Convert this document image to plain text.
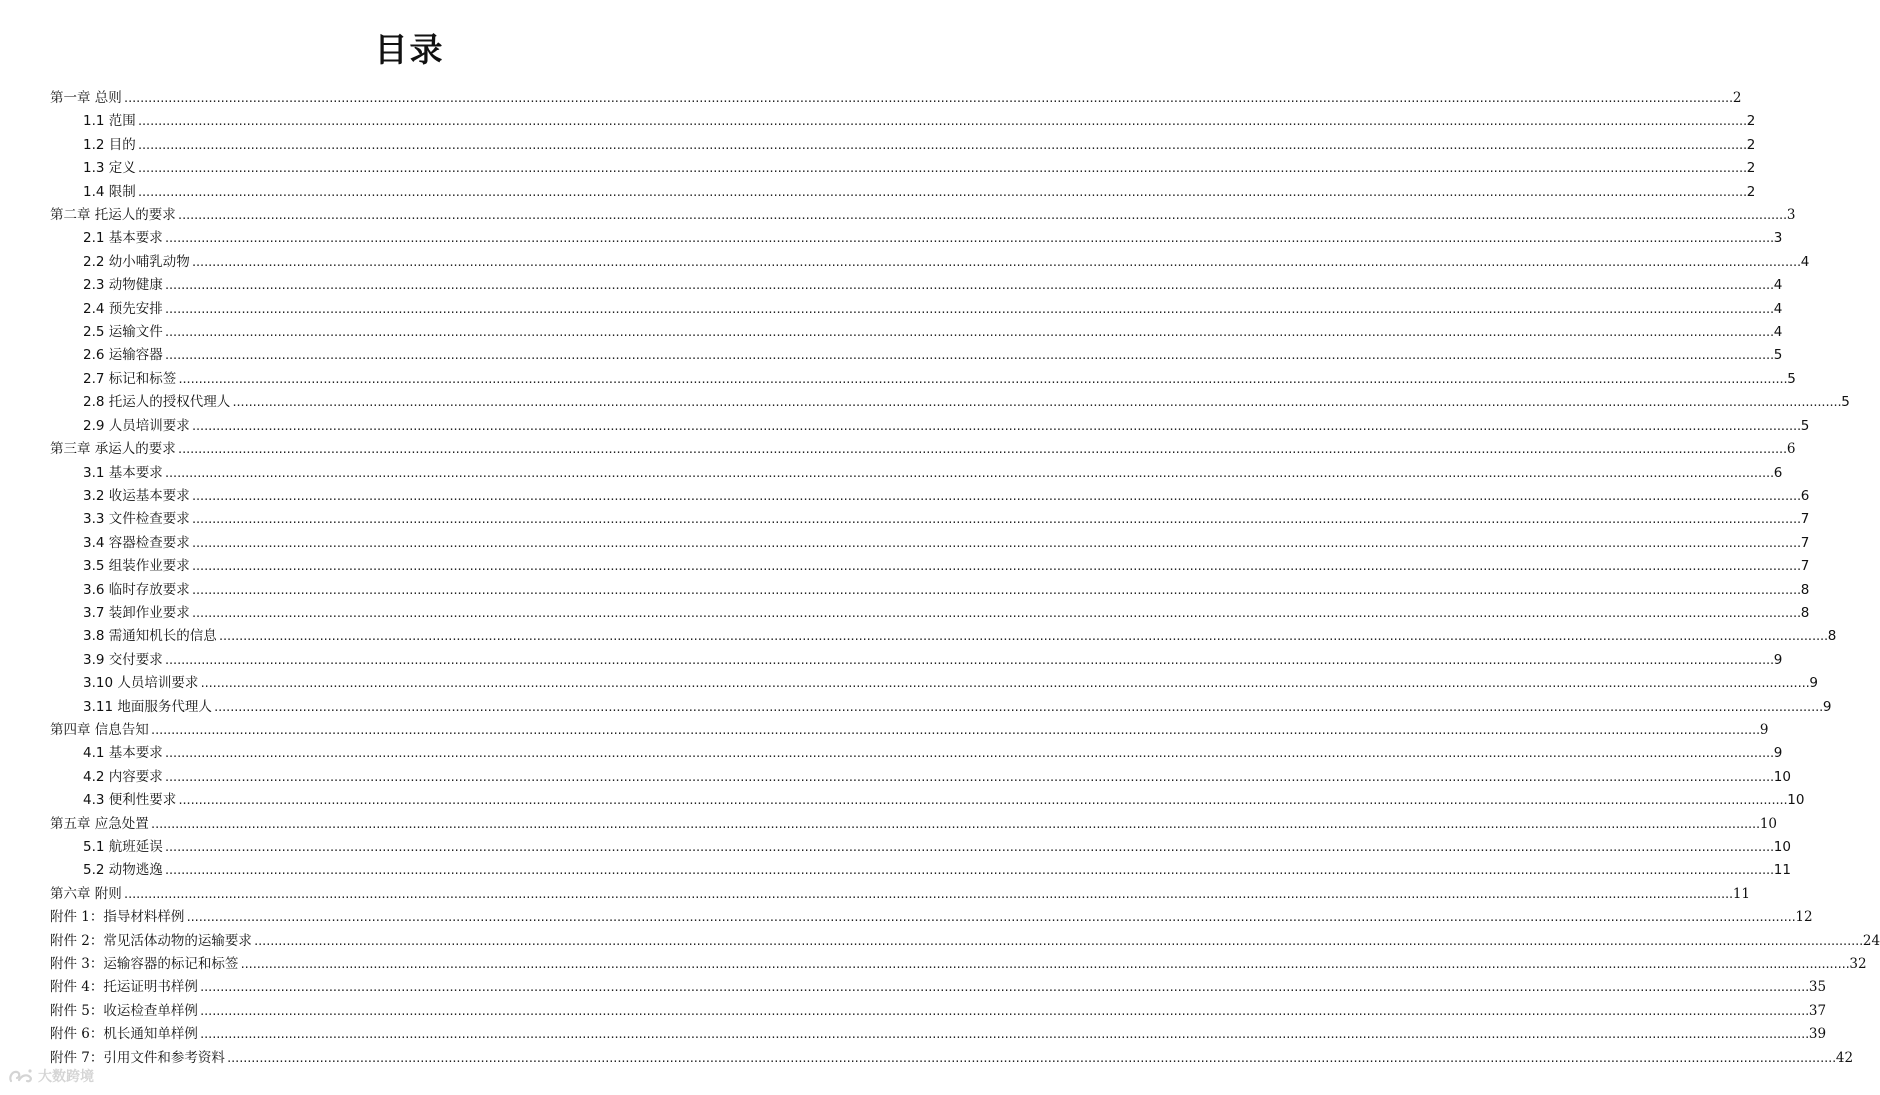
目录
第一章 总则 ................................................................................................................................................................................................................................................................................................................................................................................................................ 2
1.1 范围 ................................................................................................................................................................................................................................................................................................................................................................................................................ 2
1.2 目的 ................................................................................................................................................................................................................................................................................................................................................................................................................ 2
1.3 定义 ................................................................................................................................................................................................................................................................................................................................................................................................................ 2
1.4 限制 ................................................................................................................................................................................................................................................................................................................................................................................................................ 2
第二章 托运人的要求 ................................................................................................................................................................................................................................................................................................................................................................................................................ 3
2.1 基本要求 ................................................................................................................................................................................................................................................................................................................................................................................................................ 3
2.2 幼小哺乳动物 ................................................................................................................................................................................................................................................................................................................................................................................................................ 4
2.3 动物健康 ................................................................................................................................................................................................................................................................................................................................................................................................................ 4
2.4 预先安排 ................................................................................................................................................................................................................................................................................................................................................................................................................ 4
2.5 运输文件 ................................................................................................................................................................................................................................................................................................................................................................................................................ 4
2.6 运输容器 ................................................................................................................................................................................................................................................................................................................................................................................................................ 5
2.7 标记和标签 ................................................................................................................................................................................................................................................................................................................................................................................................................ 5
2.8 托运人的授权代理人 ................................................................................................................................................................................................................................................................................................................................................................................................................ 5
2.9 人员培训要求 ................................................................................................................................................................................................................................................................................................................................................................................................................ 5
第三章 承运人的要求 ................................................................................................................................................................................................................................................................................................................................................................................................................ 6
3.1 基本要求 ................................................................................................................................................................................................................................................................................................................................................................................................................ 6
3.2 收运基本要求 ................................................................................................................................................................................................................................................................................................................................................................................................................ 6
3.3 文件检查要求 ................................................................................................................................................................................................................................................................................................................................................................................................................ 7
3.4 容器检查要求 ................................................................................................................................................................................................................................................................................................................................................................................................................ 7
3.5 组装作业要求 ................................................................................................................................................................................................................................................................................................................................................................................................................ 7
3.6 临时存放要求 ................................................................................................................................................................................................................................................................................................................................................................................................................ 8
3.7 装卸作业要求 ................................................................................................................................................................................................................................................................................................................................................................................................................ 8
3.8 需通知机长的信息 ................................................................................................................................................................................................................................................................................................................................................................................................................ 8
3.9 交付要求 ................................................................................................................................................................................................................................................................................................................................................................................................................ 9
3.10 人员培训要求 ................................................................................................................................................................................................................................................................................................................................................................................................................ 9
3.11 地面服务代理人 ................................................................................................................................................................................................................................................................................................................................................................................................................ 9
第四章 信息告知 ................................................................................................................................................................................................................................................................................................................................................................................................................ 9
4.1 基本要求 ................................................................................................................................................................................................................................................................................................................................................................................................................ 9
4.2 内容要求 ................................................................................................................................................................................................................................................................................................................................................................................................................ 10
4.3 便利性要求 ................................................................................................................................................................................................................................................................................................................................................................................................................ 10
第五章 应急处置 ................................................................................................................................................................................................................................................................................................................................................................................................................ 10
5.1 航班延误 ................................................................................................................................................................................................................................................................................................................................................................................................................ 10
5.2 动物逃逸 ................................................................................................................................................................................................................................................................................................................................................................................................................ 11
第六章 附则 ................................................................................................................................................................................................................................................................................................................................................................................................................ 11
附件 1：指导材料样例 ................................................................................................................................................................................................................................................................................................................................................................................................................ 12
附件 2：常见活体动物的运输要求 ................................................................................................................................................................................................................................................................................................................................................................................................................ 24
附件 3：运输容器的标记和标签 ................................................................................................................................................................................................................................................................................................................................................................................................................ 32
附件 4：托运证明书样例 ................................................................................................................................................................................................................................................................................................................................................................................................................ 35
附件 5：收运检查单样例 ................................................................................................................................................................................................................................................................................................................................................................................................................ 37
附件 6：机长通知单样例 ................................................................................................................................................................................................................................................................................................................................................................................................................ 39
附件 7：引用文件和参考资料 ................................................................................................................................................................................................................................................................................................................................................................................................................ 42
大数跨境
